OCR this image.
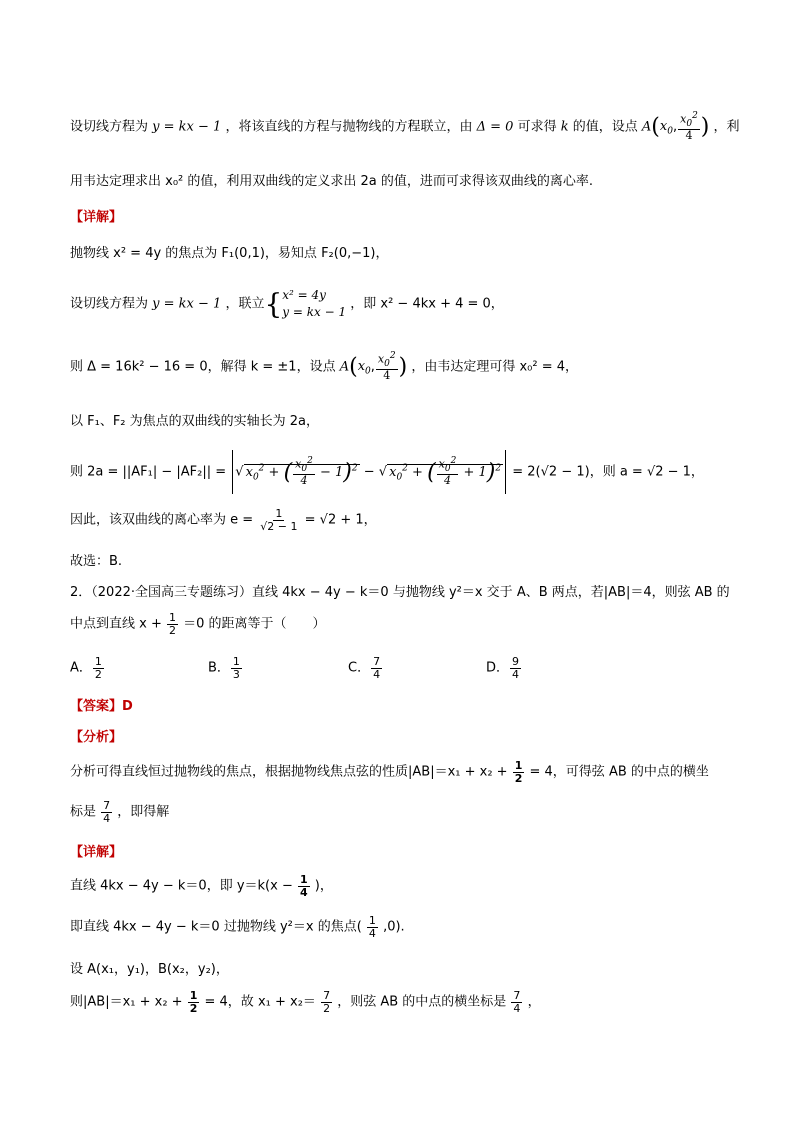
设切线方程为 y = kx − 1 ，将该直线的方程与抛物线的方程联立，由 Δ = 0 可求得 k 的值，设点 $A(x_0$, $\frac{x_0^2}{4}$ ) ，利
用韦达定理求出 x₀² 的值，利用双曲线的定义求出 2a 的值，进而可求得该双曲线的离心率.
【详解】
抛物线 x² = 4y 的焦点为 F₁(0,1)，易知点 F₂(0,−1)，
设切线方程为 y = kx − 1 ，联立{ x² = 4y
y = kx − 1
，即 x² − 4kx + 4 = 0，
则 Δ = 16k² − 16 = 0，解得 k = ±1，设点 $A(x_0$, $\frac{x_0^2}{4}$ ) ，由韦达定理可得 x₀² = 4，
以 F₁、F₂ 为焦点的双曲线的实轴长为 2a，
则 2a = ||AF₁| − |AF₂|| = √ $x_0^2$ + ( $\frac{x_0^2}{4} - 1)^2$ − √ $x_0^2$ + ( $\frac{x_0^2}{4} + 1)^2 = 2(√2 - 1)$，则 a = √2 − 1，
因此，该双曲线的离心率为 $e = \frac{1}{√2 - 1} = √2 + 1$，
故选：B.
2．（2022·全国高三专题练习）直线 4kx − 4y − k＝0 与抛物线 y²＝x 交于 A、B 两点，若|AB|＝4，则弦 AB 的
中点到直线 $x + \frac{1}{2} =0$ 的距离等于（　　）
A． $\frac{1}{2}$	B． $\frac{1}{3}$	C． $\frac{7}{4}$	D． $\frac{9}{4}$
【答案】D
【分析】
分析可得直线恒过抛物线的焦点，根据抛物线焦点弦的性质$|AB|=x_1 + x_2 + \frac{1}{2} = 4$，可得弦 AB 的中点的横坐
标是 $\frac{7}{4}$ ，即得解
【详解】
直线 4kx − 4y − k＝0，即 $y=k(x - \frac{1}{4}$ )，
即直线 4kx − 4y − k＝0 过抛物线 y²＝x 的焦点( $\frac{1}{4} ,0$).
设 A(x₁，y₁)，B(x₂，y₂)，
则$|AB|=x_1 + x_2 + \frac{1}{2} = 4$，故 $x_1 + x_2= \frac{7}{2}$ ，则弦 AB 的中点的横坐标是 $\frac{7}{4}$ ，
